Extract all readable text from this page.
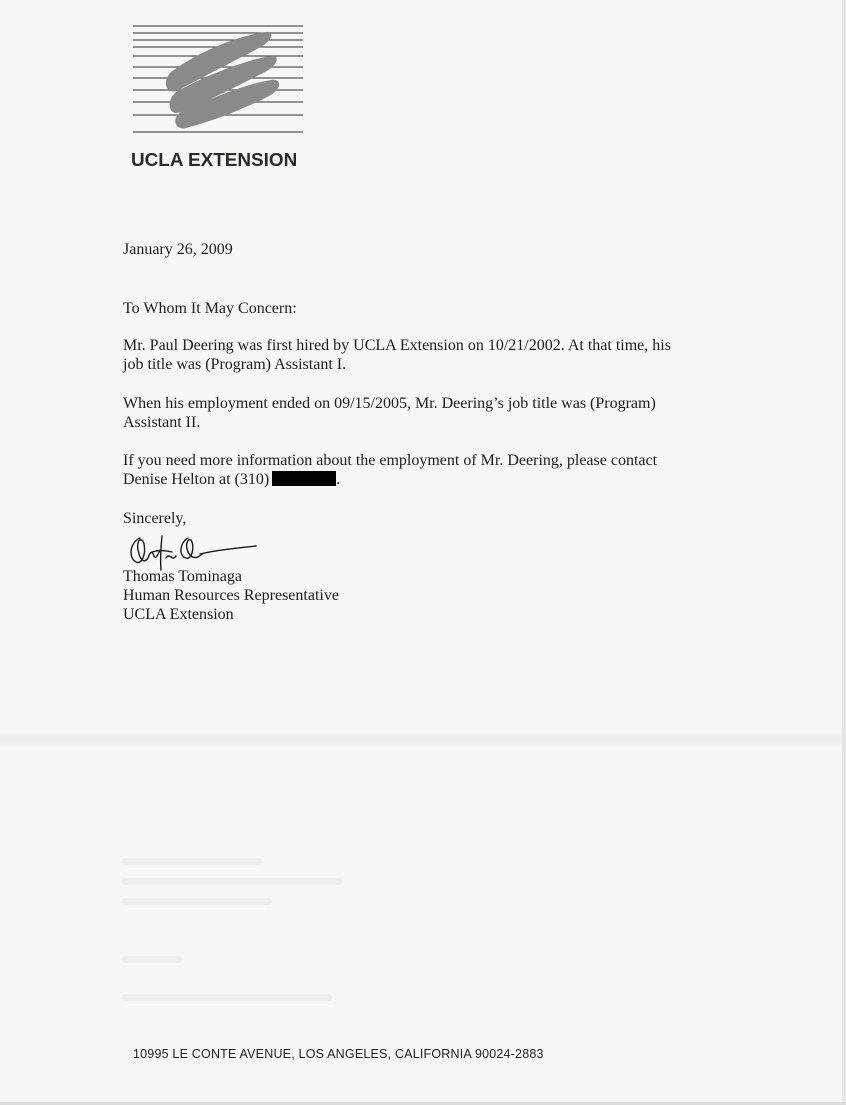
UCLA EXTENSION
January 26, 2009
To Whom It May Concern:
Mr. Paul Deering was first hired by UCLA Extension on 10/21/2002. At that time, his
job title was (Program) Assistant I.
When his employment ended on 09/15/2005, Mr. Deering’s job title was (Program)
Assistant II.
If you need more information about the employment of Mr. Deering, please contact
Denise Helton at (310)	.
Sincerely,
Thomas Tominaga
Human Resources Representative
UCLA Extension
10995 LE CONTE AVENUE, LOS ANGELES, CALIFORNIA 90024-2883
